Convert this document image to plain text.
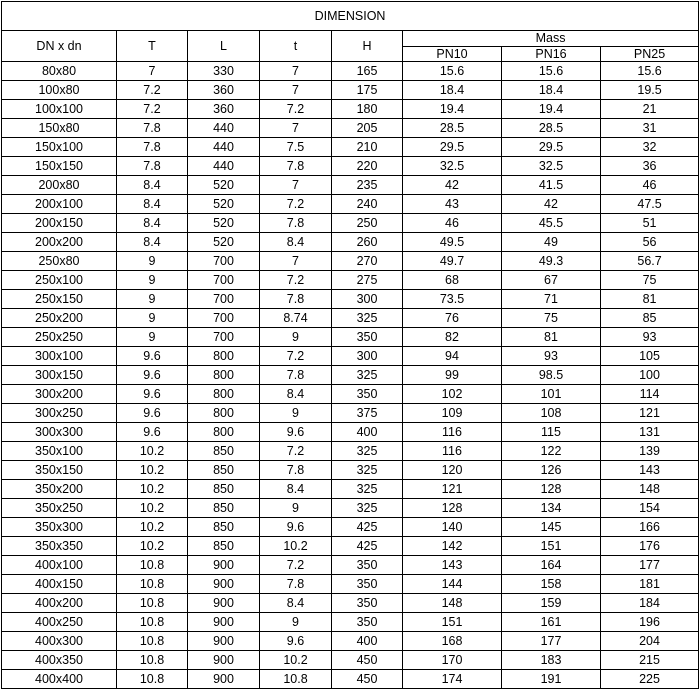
DIMENSION							
DN x dn	T	L	t	H	Mass		
					PN10	PN16	PN25
80x80	7	330	7	165	15.6	15.6	15.6
100x80	7.2	360	7	175	18.4	18.4	19.5
100x100	7.2	360	7.2	180	19.4	19.4	21
150x80	7.8	440	7	205	28.5	28.5	31
150x100	7.8	440	7.5	210	29.5	29.5	32
150x150	7.8	440	7.8	220	32.5	32.5	36
200x80	8.4	520	7	235	42	41.5	46
200x100	8.4	520	7.2	240	43	42	47.5
200x150	8.4	520	7.8	250	46	45.5	51
200x200	8.4	520	8.4	260	49.5	49	56
250x80	9	700	7	270	49.7	49.3	56.7
250x100	9	700	7.2	275	68	67	75
250x150	9	700	7.8	300	73.5	71	81
250x200	9	700	8.74	325	76	75	85
250x250	9	700	9	350	82	81	93
300x100	9.6	800	7.2	300	94	93	105
300x150	9.6	800	7.8	325	99	98.5	100
300x200	9.6	800	8.4	350	102	101	114
300x250	9.6	800	9	375	109	108	121
300x300	9.6	800	9.6	400	116	115	131
350x100	10.2	850	7.2	325	116	122	139
350x150	10.2	850	7.8	325	120	126	143
350x200	10.2	850	8.4	325	121	128	148
350x250	10.2	850	9	325	128	134	154
350x300	10.2	850	9.6	425	140	145	166
350x350	10.2	850	10.2	425	142	151	176
400x100	10.8	900	7.2	350	143	164	177
400x150	10.8	900	7.8	350	144	158	181
400x200	10.8	900	8.4	350	148	159	184
400x250	10.8	900	9	350	151	161	196
400x300	10.8	900	9.6	400	168	177	204
400x350	10.8	900	10.2	450	170	183	215
400x400	10.8	900	10.8	450	174	191	225
